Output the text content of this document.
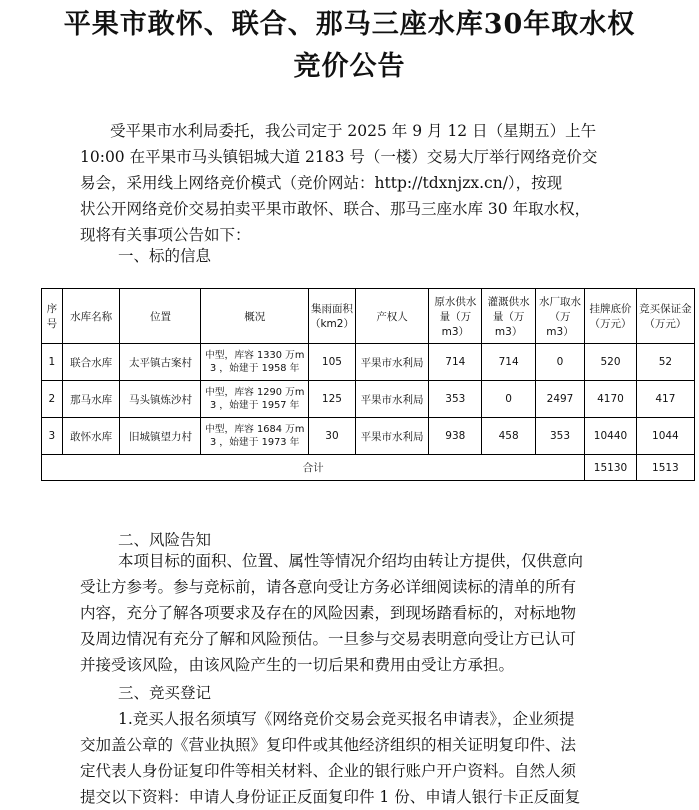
平果市敢怀、联合、那马三座水库30年取水权
竞价公告
受平果市水利局委托，我公司定于 2025 年 9 月 12 日（星期五）上午
10:00 在平果市马头镇铝城大道 2183 号（一楼）交易大厅举行网络竞价交
易会，采用线上网络竞价模式（竞价网站：http://tdxnjzx.cn/），按现
状公开网络竞价交易拍卖平果市敢怀、联合、那马三座水库 30 年取水权，
现将有关事项公告如下：
一、标的信息
序号	水库名称	位置	概况	集雨面积（km2）	产权人	原水供水量（万 m3）	灌溉供水量（万 m3）	水厂取水（万 m3）	挂牌底价（万元）	竞买保证金（万元）
1	联合水库	太平镇古案村	中型，库容 1330 万m3 ，始建于 1958 年	105	平果市水利局	714	714	0	520	52
2	那马水库	马头镇炼沙村	中型，库容 1290 万m3 ，始建于 1957 年	125	平果市水利局	353	0	2497	4170	417
3	敢怀水库	旧城镇望力村	中型，库容 1684 万m3 ，始建于 1973 年	30	平果市水利局	938	458	353	10440	1044
合计									15130	1513
二、风险告知
本项目标的面积、位置、属性等情况介绍均由转让方提供，仅供意向
受让方参考。参与竞标前，请各意向受让方务必详细阅读标的清单的所有
内容，充分了解各项要求及存在的风险因素，到现场踏看标的，对标地物
及周边情况有充分了解和风险预估。一旦参与交易表明意向受让方已认可
并接受该风险，由该风险产生的一切后果和费用由受让方承担。
三、竞买登记
1.竞买人报名须填写《网络竞价交易会竞买报名申请表》，企业须提
交加盖公章的《营业执照》复印件或其他经济组织的相关证明复印件、法
定代表人身份证复印件等相关材料、企业的银行账户开户资料。自然人须
提交以下资料：申请人身份证正反面复印件 1 份、申请人银行卡正反面复
